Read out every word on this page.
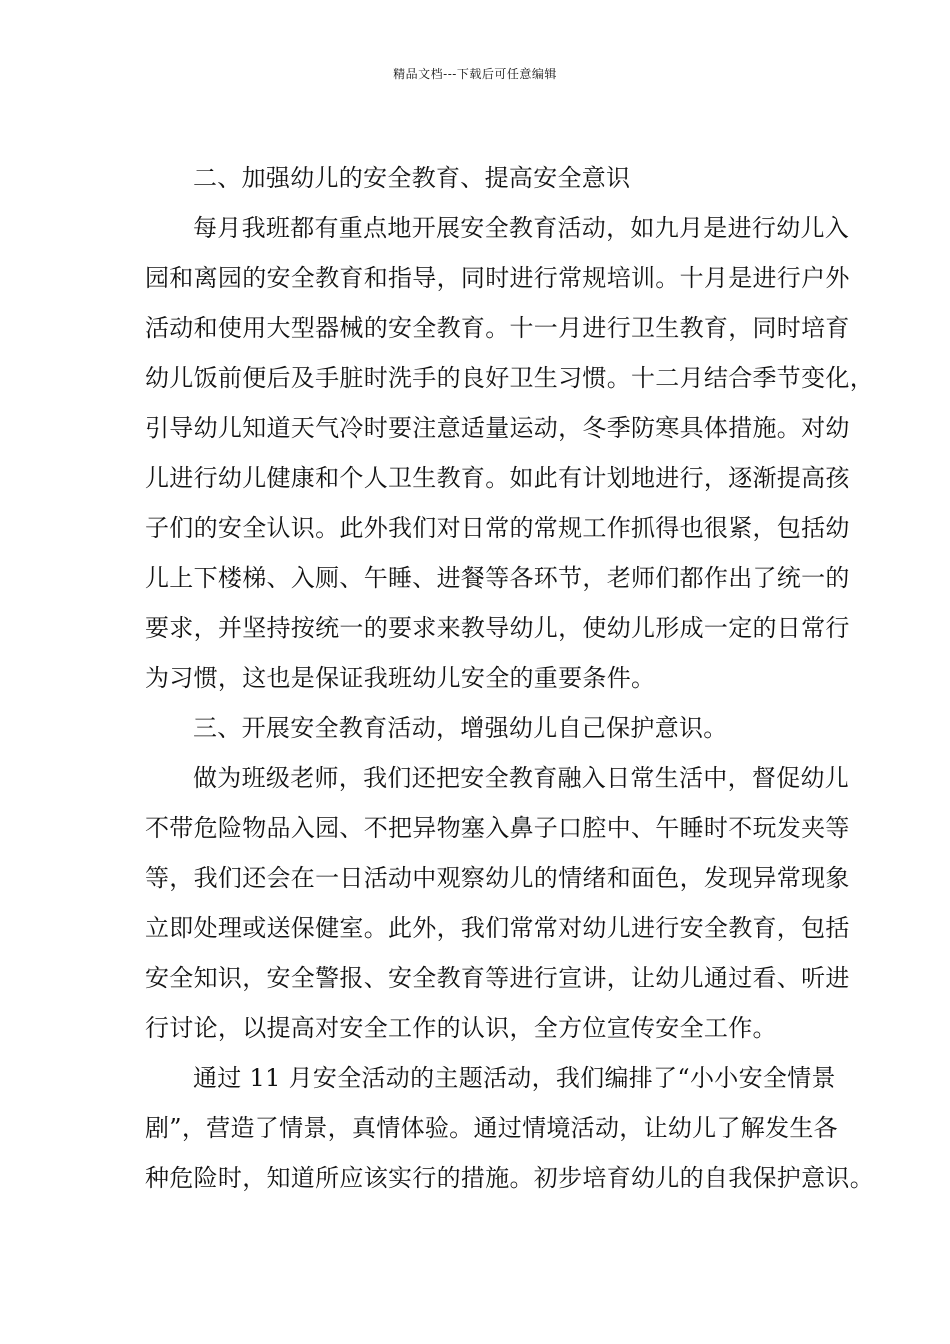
精品文档---下载后可任意编辑
二、加强幼儿的安全教育、提高安全意识
每月我班都有重点地开展安全教育活动，如九月是进行幼儿入
园和离园的安全教育和指导，同时进行常规培训。十月是进行户外
活动和使用大型器械的安全教育。十一月进行卫生教育，同时培育
幼儿饭前便后及手脏时洗手的良好卫生习惯。十二月结合季节变化，
引导幼儿知道天气冷时要注意适量运动，冬季防寒具体措施。对幼
儿进行幼儿健康和个人卫生教育。如此有计划地进行，逐渐提高孩
子们的安全认识。此外我们对日常的常规工作抓得也很紧，包括幼
儿上下楼梯、入厕、午睡、进餐等各环节，老师们都作出了统一的
要求，并坚持按统一的要求来教导幼儿，使幼儿形成一定的日常行
为习惯，这也是保证我班幼儿安全的重要条件。
三、开展安全教育活动，增强幼儿自己保护意识。
做为班级老师，我们还把安全教育融入日常生活中，督促幼儿
不带危险物品入园、不把异物塞入鼻子口腔中、午睡时不玩发夹等
等，我们还会在一日活动中观察幼儿的情绪和面色，发现异常现象
立即处理或送保健室。此外，我们常常对幼儿进行安全教育，包括
安全知识，安全警报、安全教育等进行宣讲，让幼儿通过看、听进
行讨论，以提高对安全工作的认识，全方位宣传安全工作。
通过 11 月安全活动的主题活动，我们编排了“小小安全情景
剧”，营造了情景，真情体验。通过情境活动，让幼儿了解发生各
种危险时，知道所应该实行的措施。初步培育幼儿的自我保护意识。
